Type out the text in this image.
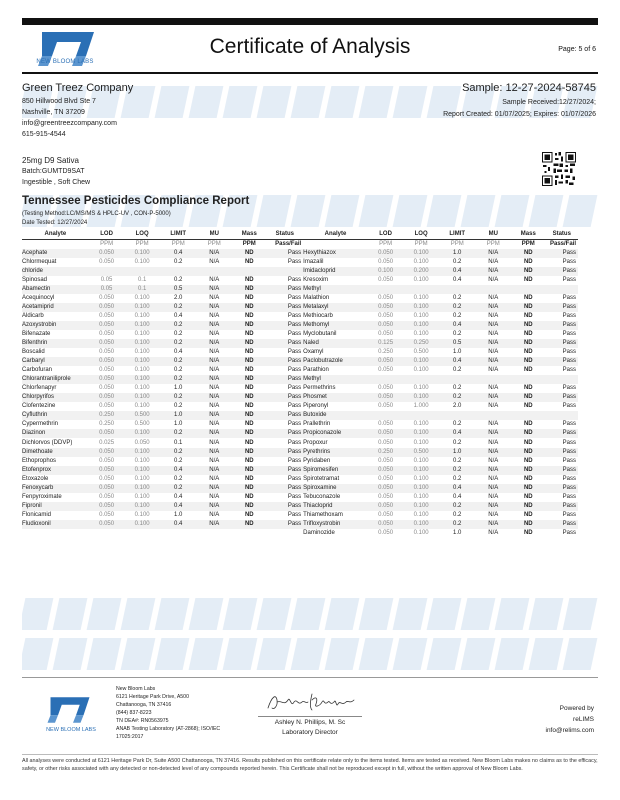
NEW BLOOM LABS
Certificate of Analysis	Page: 5 of 6
Green Treez Company
850 Hillwood Blvd Ste 7
Nashville, TN 37209
info@greentreezcompany.com
615-915-4544
Sample: 12-27-2024-58745
Sample Received:12/27/2024;
Report Created: 01/07/2025; Expires: 01/07/2026
25mg D9 Sativa
Batch:GUMTD9SAT
Ingestible , Soft Chew
Tennessee Pesticides Compliance Report
(Testing Method:LC/MS/MS & HPLC-UV , CON-P-5000)
Date Tested: 12/27/2024
Analyte	LOD	LOQ	LIMIT	MU	Mass	Status	Analyte	LOD	LOQ	LIMIT	MU	Mass	Status
	PPM	PPM	PPM	PPM	PPM	Pass/Fail		PPM	PPM	PPM	PPM	PPM	Pass/Fail
Acephate	0.050	0.100	0.4	N/A	ND	Pass	Hexythiazox	0.050	0.100	1.0	N/A	ND	Pass
Chlormequat	0.050	0.100	0.2	N/A	ND	Pass	Imazalil	0.050	0.100	0.2	N/A	ND	Pass
chloride							Imidacloprid	0.100	0.200	0.4	N/A	ND	Pass
Spinosad	0.05	0.1	0.2	N/A	ND	Pass	Kresoxim	0.050	0.100	0.4	N/A	ND	Pass
Abamectin	0.05	0.1	0.5	N/A	ND	Pass	Methyl						
Acequinocyl	0.050	0.100	2.0	N/A	ND	Pass	Malathion	0.050	0.100	0.2	N/A	ND	Pass
Acetamiprid	0.050	0.100	0.2	N/A	ND	Pass	Metalaxyl	0.050	0.100	0.2	N/A	ND	Pass
Aldicarb	0.050	0.100	0.4	N/A	ND	Pass	Methiocarb	0.050	0.100	0.2	N/A	ND	Pass
Azoxystrobin	0.050	0.100	0.2	N/A	ND	Pass	Methomyl	0.050	0.100	0.4	N/A	ND	Pass
Bifenazate	0.050	0.100	0.2	N/A	ND	Pass	Myclobutanil	0.050	0.100	0.2	N/A	ND	Pass
Bifenthrin	0.050	0.100	0.2	N/A	ND	Pass	Naled	0.125	0.250	0.5	N/A	ND	Pass
Boscalid	0.050	0.100	0.4	N/A	ND	Pass	Oxamyl	0.250	0.500	1.0	N/A	ND	Pass
Carbaryl	0.050	0.100	0.2	N/A	ND	Pass	Paclobutrazole	0.050	0.100	0.4	N/A	ND	Pass
Carbofuran	0.050	0.100	0.2	N/A	ND	Pass	Parathion	0.050	0.100	0.2	N/A	ND	Pass
Chlorantraniliprole	0.050	0.100	0.2	N/A	ND	Pass	Methyl						
Chlorfenapyr	0.050	0.100	1.0	N/A	ND	Pass	Permethrins	0.050	0.100	0.2	N/A	ND	Pass
Chlorpyrifos	0.050	0.100	0.2	N/A	ND	Pass	Phosmet	0.050	0.100	0.2	N/A	ND	Pass
Clofentezine	0.050	0.100	0.2	N/A	ND	Pass	Piperonyl	0.050	1.000	2.0	N/A	ND	Pass
Cyfluthrin	0.250	0.500	1.0	N/A	ND	Pass	Butoxide						
Cypermethrin	0.250	0.500	1.0	N/A	ND	Pass	Prallethrin	0.050	0.100	0.2	N/A	ND	Pass
Diazinon	0.050	0.100	0.2	N/A	ND	Pass	Propiconazole	0.050	0.100	0.4	N/A	ND	Pass
Dichlorvos (DDVP)	0.025	0.050	0.1	N/A	ND	Pass	Propoxur	0.050	0.100	0.2	N/A	ND	Pass
Dimethoate	0.050	0.100	0.2	N/A	ND	Pass	Pyrethrins	0.250	0.500	1.0	N/A	ND	Pass
Ethoprophos	0.050	0.100	0.2	N/A	ND	Pass	Pyridaben	0.050	0.100	0.2	N/A	ND	Pass
Etofenprox	0.050	0.100	0.4	N/A	ND	Pass	Spiromesifen	0.050	0.100	0.2	N/A	ND	Pass
Etoxazole	0.050	0.100	0.2	N/A	ND	Pass	Spirotetramat	0.050	0.100	0.2	N/A	ND	Pass
Fenoxycarb	0.050	0.100	0.2	N/A	ND	Pass	Spiroxamine	0.050	0.100	0.4	N/A	ND	Pass
Fenpyroximate	0.050	0.100	0.4	N/A	ND	Pass	Tebuconazole	0.050	0.100	0.4	N/A	ND	Pass
Fipronil	0.050	0.100	0.4	N/A	ND	Pass	Thiacloprid	0.050	0.100	0.2	N/A	ND	Pass
Flonicamid	0.050	0.100	1.0	N/A	ND	Pass	Thiamethoxam	0.050	0.100	0.2	N/A	ND	Pass
Fludioxonil	0.050	0.100	0.4	N/A	ND	Pass	Trifloxystrobin	0.050	0.100	0.2	N/A	ND	Pass
							Daminozide	0.050	0.100	1.0	N/A	ND	Pass
NEW BLOOM LABS
New Bloom Labs
6121 Heritage Park Drive, A500
Chattanooga, TN 37416
(844) 837-8223
TN DEA#: RN0563975
ANAB Testing Laboratory (AT-2868); ISO/IEC
17025:2017
Ashley N. Phillips, M. Sc
Laboratory Director
Powered by
reLIMS
info@relims.com
All analyses were conducted at 6121 Heritage Park Dr, Suite A500 Chattanooga, TN 37416. Results published on this certificate relate only to the items tested. Items are tested as received. New Bloom Labs makes no claims as to the efficacy, safety, or other risks associated with any detected or non-detected level of any compounds reported herein. This Certificate shall not be reproduced except in full, without the written approval of New Bloom Labs.
